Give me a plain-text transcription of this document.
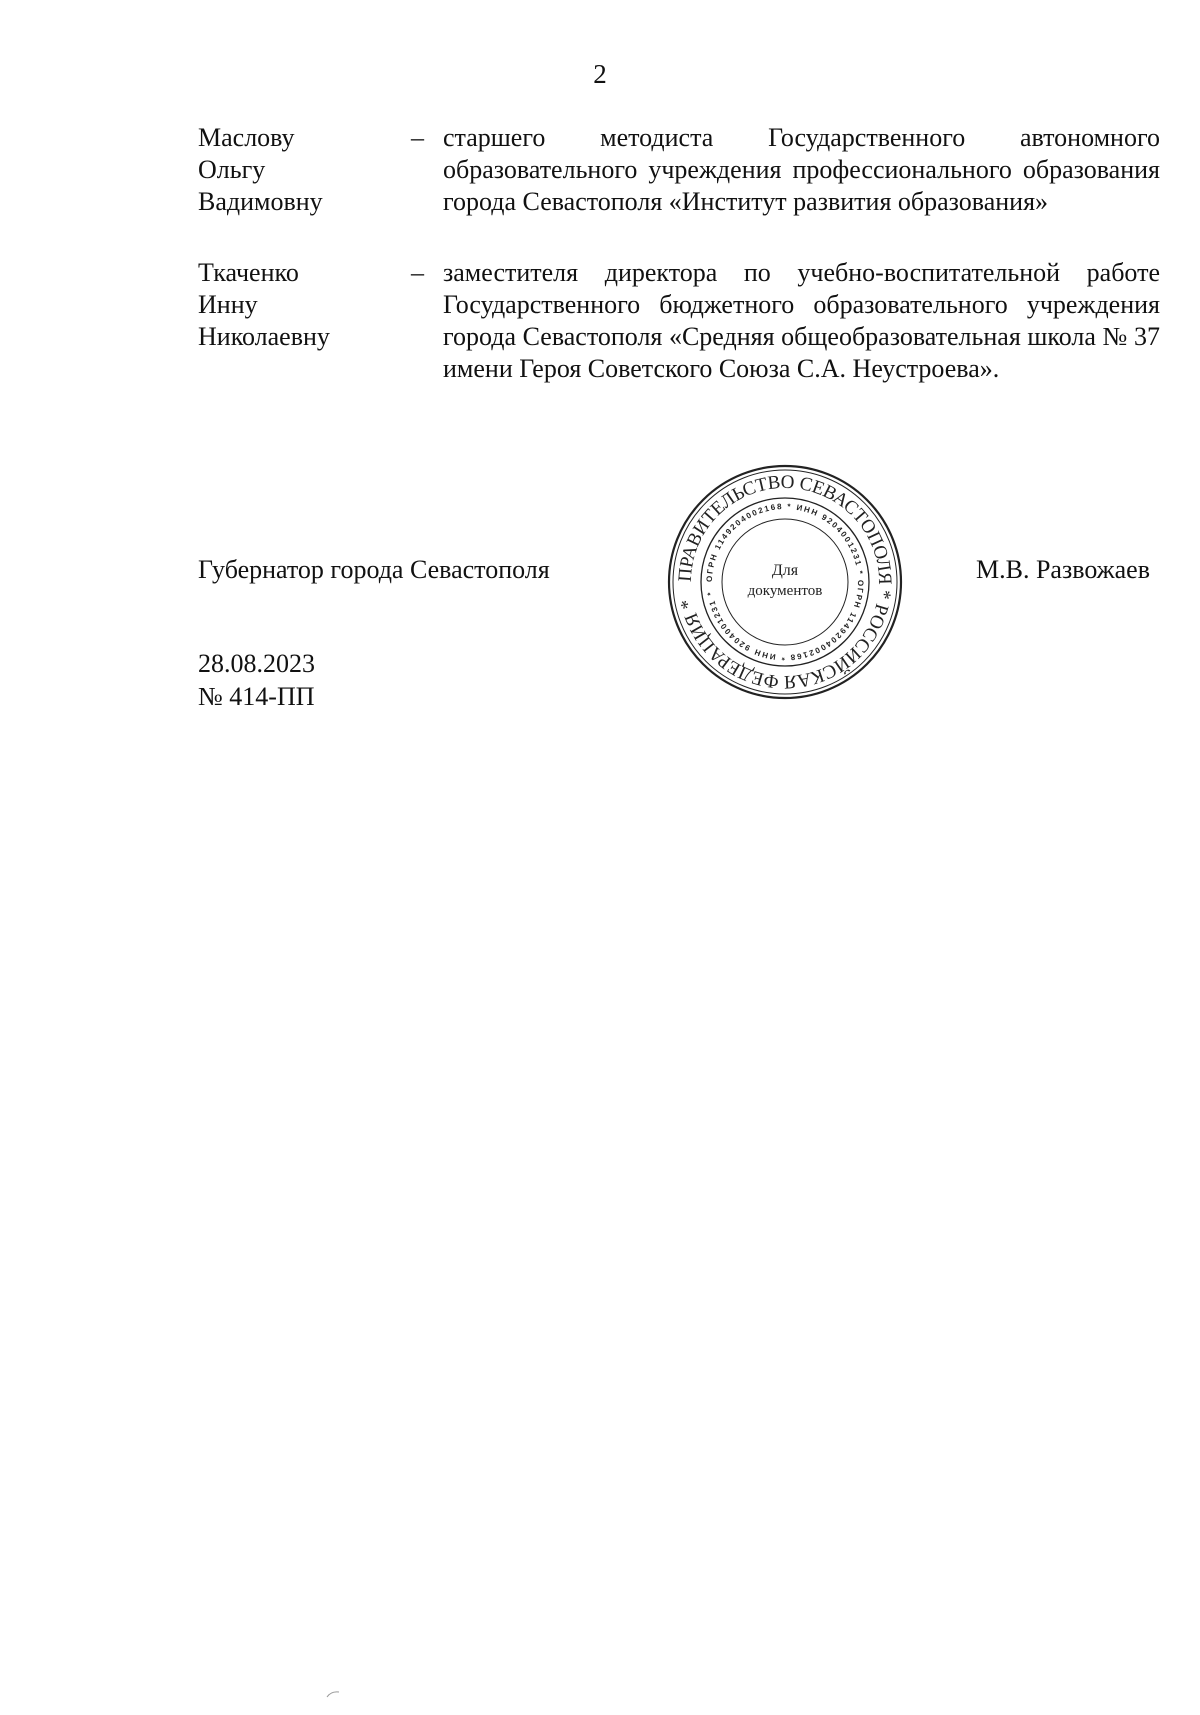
2
Маслову
Ольгу
Вадимовну
– старшего методиста Государственного автономного образовательного учреждения профессионального образования города Севастополя «Институт развития образования»
Ткаченко
Инну
Николаевну
– заместителя директора по учебно-воспитательной работе Государственного бюджетного образовательного учреждения города Севастополя «Средняя общеобразовательная школа № 37 имени Героя Советского Союза С.А. Неустроева».
Губернатор города Севастополя	М.В. Развожаев
28.08.2023
№ 414-ПП
ПРАВИТЕЛЬСТВО СЕВАСТОПОЛЯ * РОССИЙСКАЯ ФЕДЕРАЦИЯ *
ОГРН 1149204002168 * ИНН 9204001231 * ОГРН 1149204002168 * ИНН 9204001231 *
Для
документов
